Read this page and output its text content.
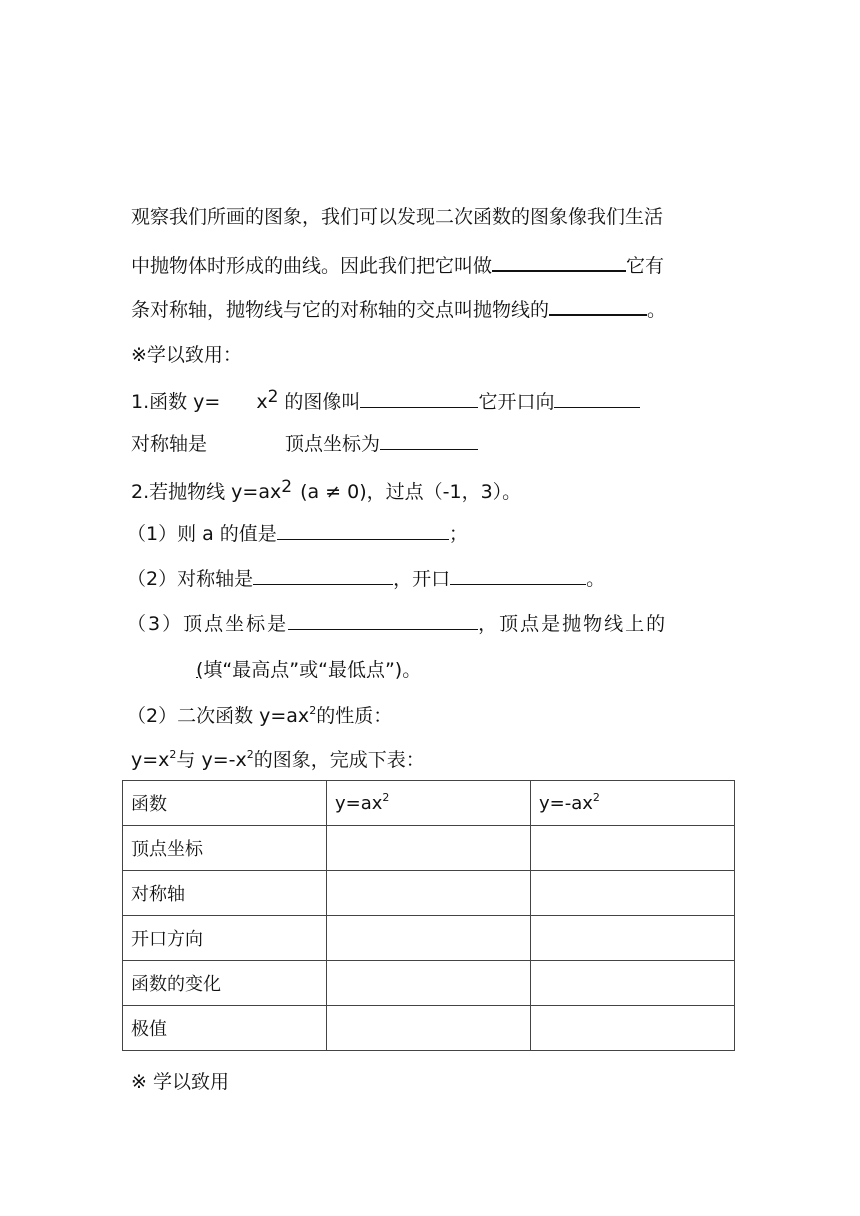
观察我们所画的图象，我们可以发现二次函数的图象像我们生活
中抛物体时形成的曲线。因此我们把它叫做	它有
条对称轴，抛物线与它的对称轴的交点叫抛物线的	。
※学以致用：
1.函数 y= x2 的图像叫	它开口向
对称轴是	顶点坐标为
2.若抛物线 y=ax2 (a ≠ 0)，过点（-1，3）。
（1）则 a 的值是	；
（2）对称轴是	，开口	。
（3）顶点坐标是	，顶点是抛物线上的
(填“最高点”或“最低点”)。
（2）二次函数 $y=ax^2$的性质：
$y=x^2$与 $y=-x^2$的图象，完成下表：
函数	$y=ax^2$	$y=-ax^2$
顶点坐标		
对称轴		
开口方向		
函数的变化		
极值		
※ 学以致用
